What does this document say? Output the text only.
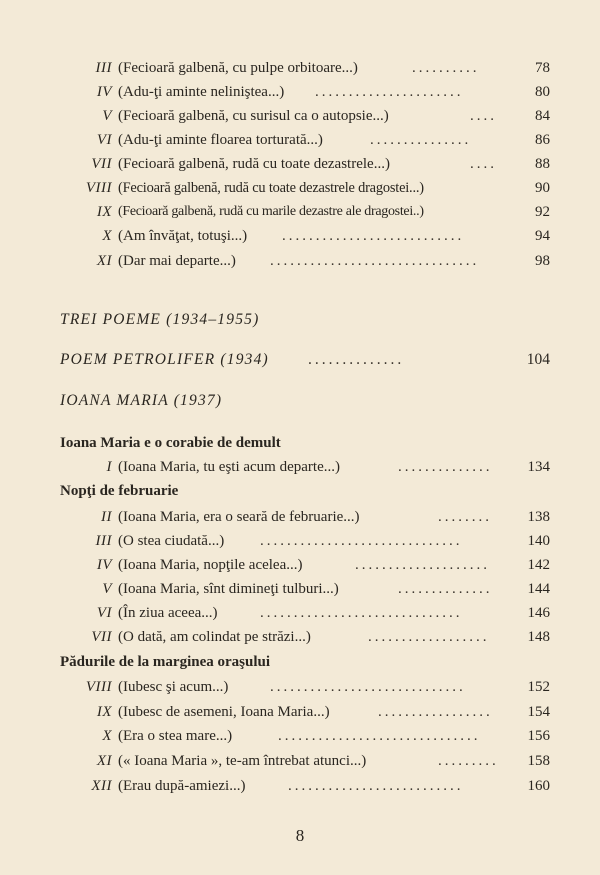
III (Fecioară galbenă, cu pulpe orbitoare...)	..........	78
IV (Adu-ţi aminte neliniştea...) ......................	80
V (Fecioară galbenă, cu surisul ca o autopsie...)	....	84
VI (Adu-ţi aminte floarea torturată...)	...............	86
VII (Fecioară galbenă, rudă cu toate dezastrele...)	....	88
VIII (Fecioară galbenă, rudă cu toate dezastrele dragostei...)	90
IX (Fecioară galbenă, rudă cu marile dezastre ale dragostei..)	92
X (Am învăţat, totuşi...) ...........................	94
XI (Dar mai departe...) ...............................	98
TREI POEME (1934–1955)
POEM PETROLIFER (1934)	..............	104
IOANA MARIA (1937)
Ioana Maria e o corabie de demult
I (Ioana Maria, tu eşti acum departe...)	..............	134
Nopţi de februarie
II (Ioana Maria, era o seară de februarie...)	........	138
III (O stea ciudată...) ..............................	140
IV (Ioana Maria, nopţile acelea...)	....................	142
V (Ioana Maria, sînt dimineţi tulburi...)	..............	144
VI (În ziua aceea...)	..............................	146
VII (O dată, am colindat pe străzi...)	..................	148
Pădurile de la marginea oraşului
VIII (Iubesc şi acum...)	.............................	152
IX (Iubesc de asemeni, Ioana Maria...)	.................	154
X (Era o stea mare...)	..............................	156
XI (« Ioana Maria », te-am întrebat atunci...)	.........	158
XII (Erau după-amiezi...)	..........................	160
8
